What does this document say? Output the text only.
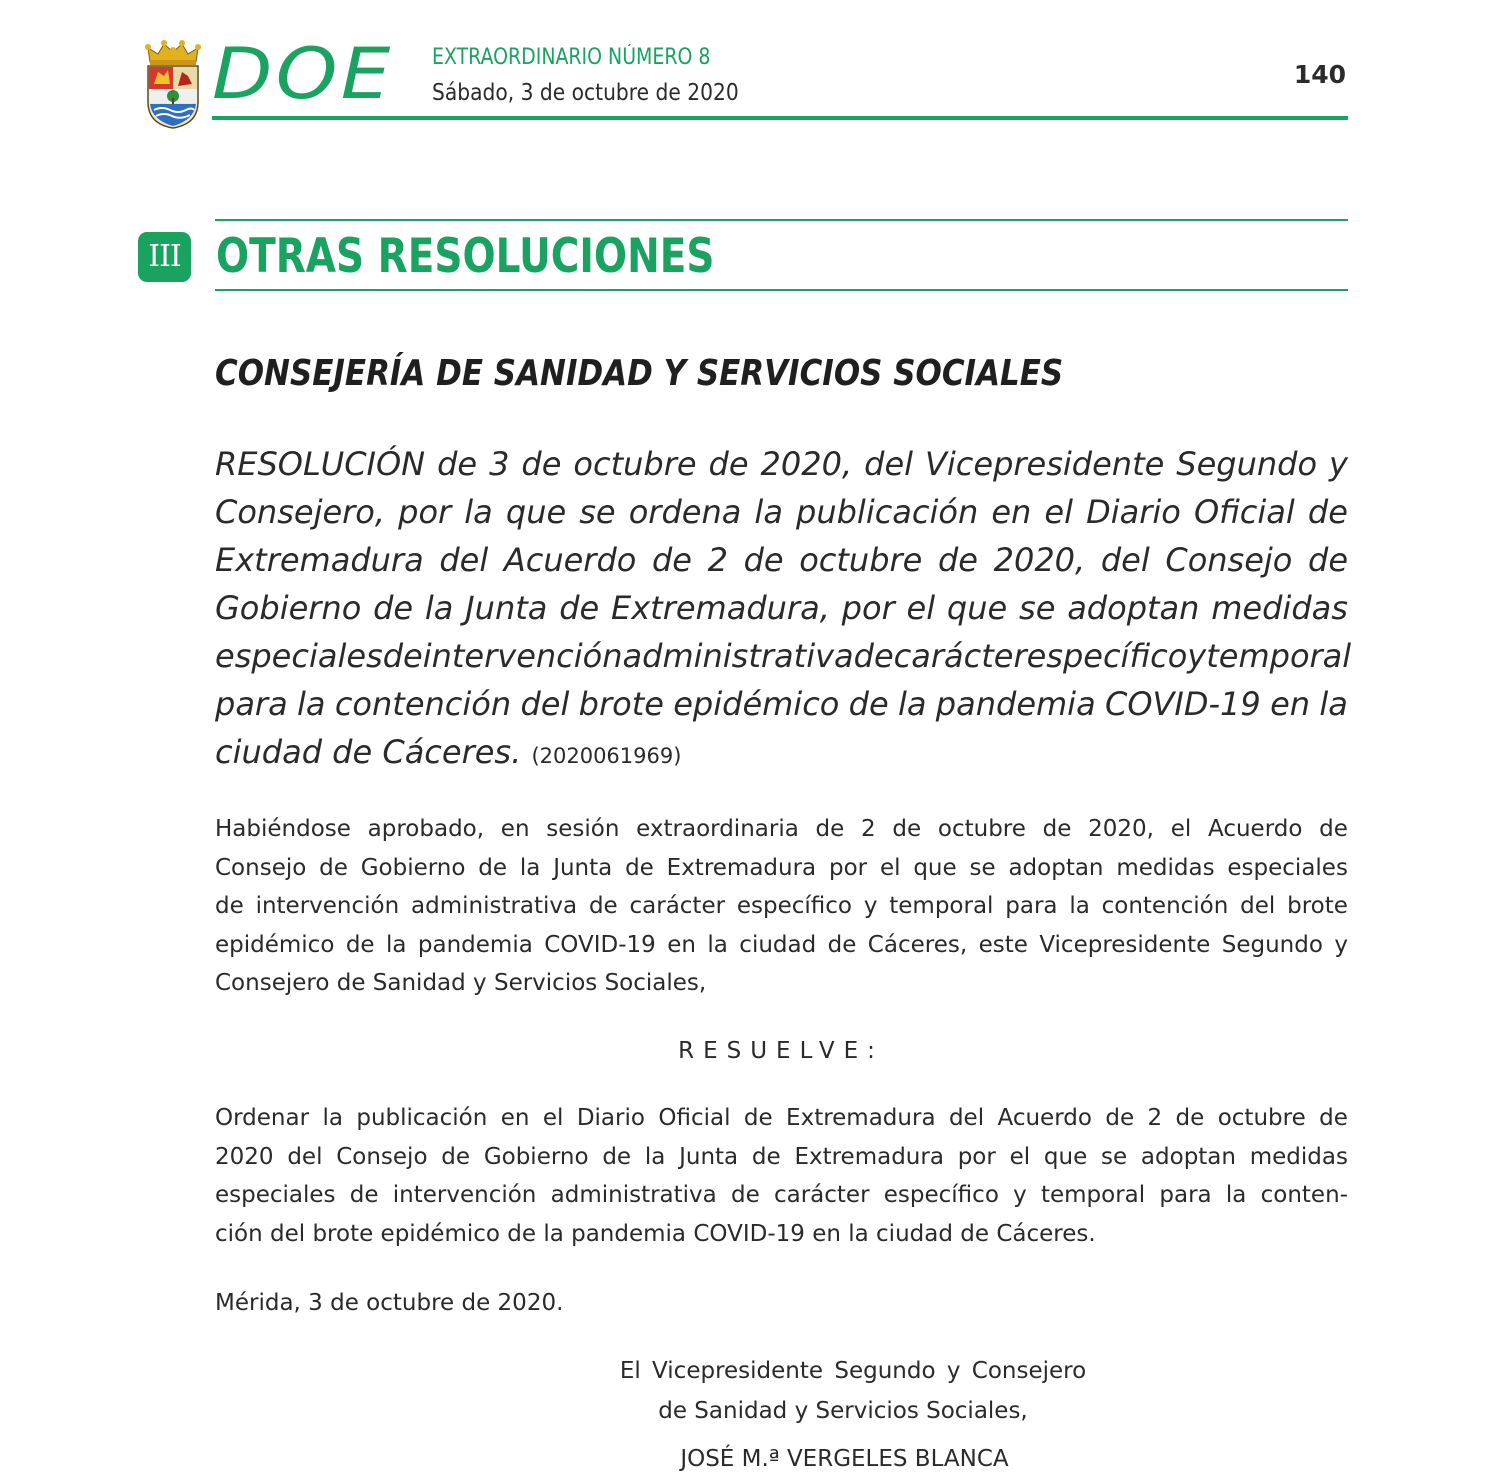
DOE EXTRAORDINARIO NÚMERO 8
Sábado, 3 de octubre de 2020
140
III OTRAS RESOLUCIONES
CONSEJERÍA DE SANIDAD Y SERVICIOS SOCIALES
RESOLUCIÓN de 3 de octubre de 2020, del Vicepresidente Segundo y
Consejero, por la que se ordena la publicación en el Diario Oficial de
Extremadura del Acuerdo de 2 de octubre de 2020, del Consejo de
Gobierno de la Junta de Extremadura, por el que se adoptan medidas
especiales de intervención administrativa de carácter específico y temporal
para la contención del brote epidémico de la pandemia COVID-19 en la
ciudad de Cáceres. (2020061969)
Habiéndose aprobado, en sesión extraordinaria de 2 de octubre de 2020, el Acuerdo de
Consejo de Gobierno de la Junta de Extremadura por el que se adoptan medidas especiales
de intervención administrativa de carácter específico y temporal para la contención del brote
epidémico de la pandemia COVID-19 en la ciudad de Cáceres, este Vicepresidente Segundo y
Consejero de Sanidad y Servicios Sociales,
RESUELVE:
Ordenar la publicación en el Diario Oficial de Extremadura del Acuerdo de 2 de octubre de
2020 del Consejo de Gobierno de la Junta de Extremadura por el que se adoptan medidas
especiales de intervención administrativa de carácter específico y temporal para la conten-
ción del brote epidémico de la pandemia COVID-19 en la ciudad de Cáceres.
Mérida, 3 de octubre de 2020.
El Vicepresidente Segundo y Consejero
de Sanidad y Servicios Sociales,
JOSÉ M.ª VERGELES BLANCA
